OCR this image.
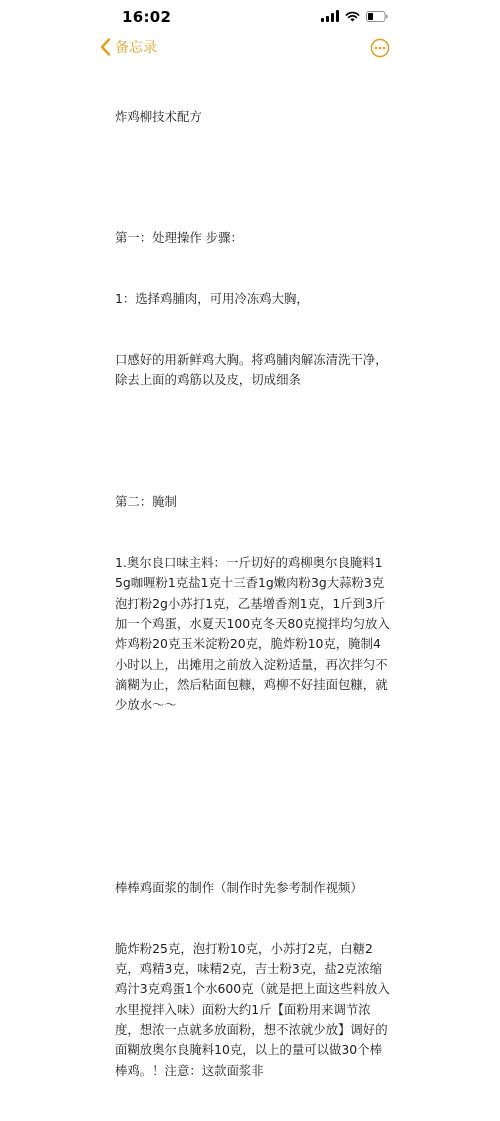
16:02
备忘录

炸鸡柳技术配方

第一：处理操作 步骤：

1：选择鸡脯肉，可用冷冻鸡大胸，

口感好的用新鲜鸡大胸。将鸡脯肉解冻清洗干净，除去上面的鸡筋以及皮，切成细条

第二：腌制

1.奥尔良口味主料：一斤切好的鸡柳奥尔良腌料15g咖喱粉1克盐1克十三香1g嫩肉粉3g大蒜粉3克泡打粉2g小苏打1克，乙基增香剂1克，1斤到3斤加一个鸡蛋，水夏天100克冬天80克搅拌均匀放入炸鸡粉20克玉米淀粉20克，脆炸粉10克，腌制4小时以上，出摊用之前放入淀粉适量，再次拌匀不滴糊为止，然后粘面包糠，鸡柳不好挂面包糠，就少放水～～

棒棒鸡面浆的制作（制作时先参考制作视频）

脆炸粉25克，泡打粉10克，小苏打2克，白糖2克，鸡精3克，味精2克，吉士粉3克，盐2克浓缩鸡汁3克鸡蛋1个水600克（就是把上面这些料放入水里搅拌入味）面粉大约1斤【面粉用来调节浓度，想浓一点就多放面粉，想不浓就少放】调好的面糊放奥尔良腌料10克，以上的量可以做30个棒棒鸡。！注意：这款面浆非
